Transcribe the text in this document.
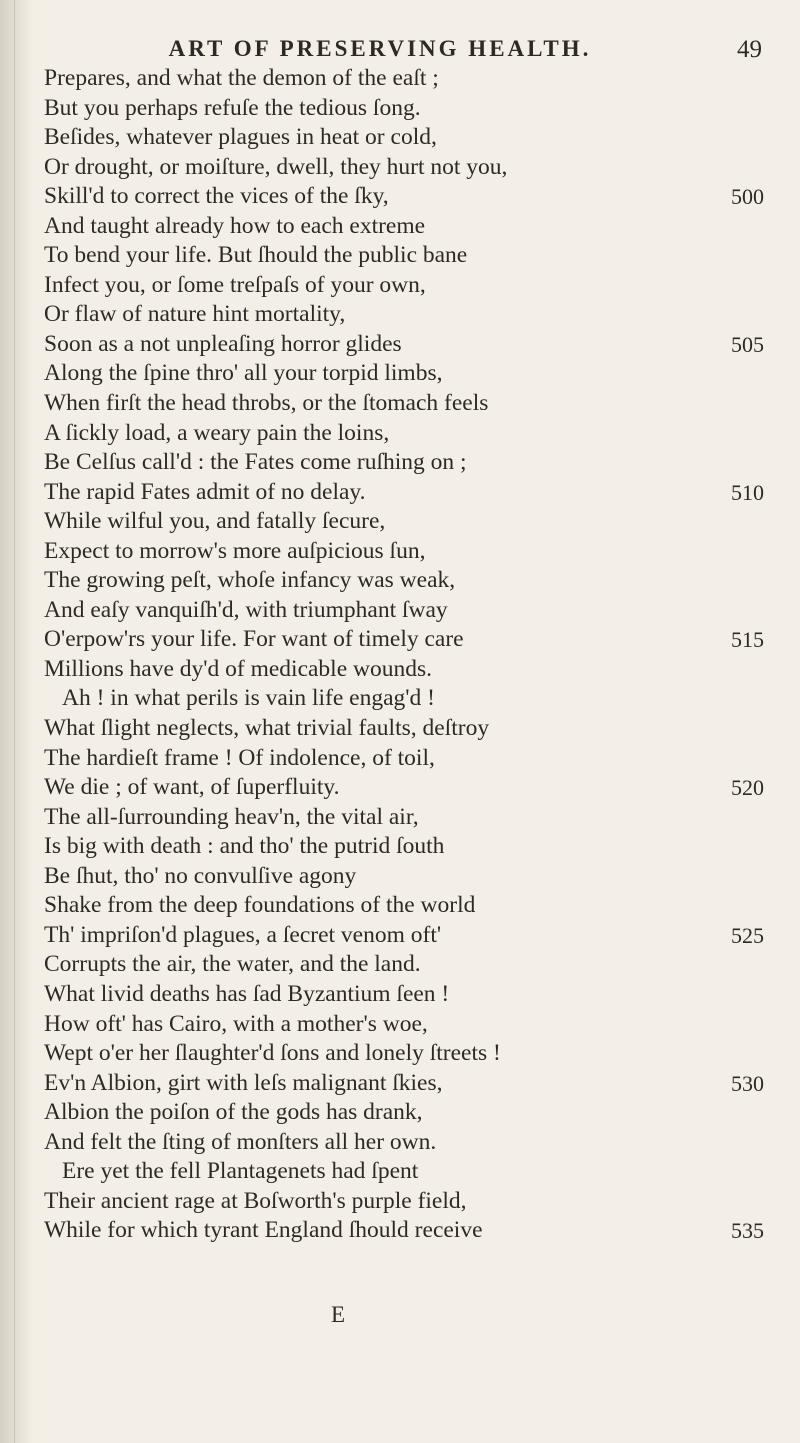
ART OF PRESERVING HEALTH.	49
Prepares, and what the demon of the eaſt ;
But you perhaps refuſe the tedious ſong.
Beſides, whatever plagues in heat or cold,
Or drought, or moiſture, dwell, they hurt not you,
Skill'd to correct the vices of the ſky,
And taught already how to each extreme
To bend your life. But ſhould the public bane
Infect you, or ſome treſpaſs of your own,
Or flaw of nature hint mortality,
Soon as a not unpleaſing horror glides
Along the ſpine thro' all your torpid limbs,
When firſt the head throbs, or the ſtomach feels
A ſickly load, a weary pain the loins,
Be Celſus call'd : the Fates come ruſhing on ;
The rapid Fates admit of no delay.
While wilful you, and fatally ſecure,
Expect to morrow's more auſpicious ſun,
The growing peſt, whoſe infancy was weak,
And eaſy vanquiſh'd, with triumphant ſway
O'erpow'rs your life. For want of timely care
Millions have dy'd of medicable wounds.
Ah ! in what perils is vain life engag'd !
What ſlight neglects, what trivial faults, deſtroy
The hardieſt frame ! Of indolence, of toil,
We die ; of want, of ſuperfluity.
The all-ſurrounding heav'n, the vital air,
Is big with death : and tho' the putrid ſouth
Be ſhut, tho' no convulſive agony
Shake from the deep foundations of the world
Th' impriſon'd plagues, a ſecret venom oft'
Corrupts the air, the water, and the land.
What livid deaths has ſad Byzantium ſeen !
How oft' has Cairo, with a mother's woe,
Wept o'er her ſlaughter'd ſons and lonely ſtreets !
Ev'n Albion, girt with leſs malignant ſkies,
Albion the poiſon of the gods has drank,
And felt the ſting of monſters all her own.
Ere yet the fell Plantagenets had ſpent
Their ancient rage at Boſworth's purple field,
While for which tyrant England ſhould receive
500
505
510
515
520
525
530
535
E
